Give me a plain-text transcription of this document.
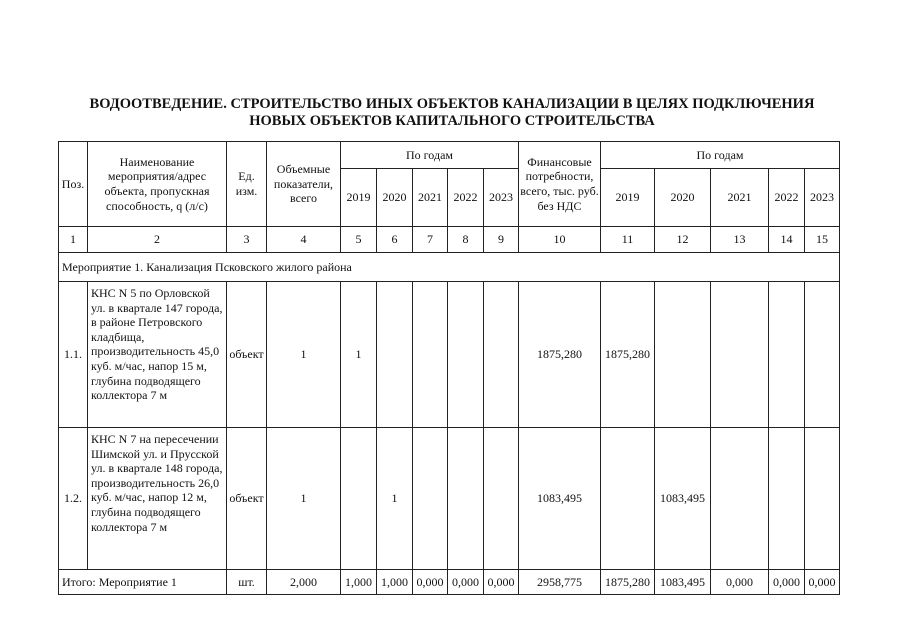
ВОДООТВЕДЕНИЕ. СТРОИТЕЛЬСТВО ИНЫХ ОБЪЕКТОВ КАНАЛИЗАЦИИ В ЦЕЛЯХ ПОДКЛЮЧЕНИЯ
НОВЫХ ОБЪЕКТОВ КАПИТАЛЬНОГО СТРОИТЕЛЬСТВА
Поз.	Наименование мероприятия/адрес объекта, пропускная способность, q (л/с)	Ед. изм.	Объемные показатели, всего	По годам					Финансовые потребности, всего, тыс. руб. без НДС	По годам				
				2019	2020	2021	2022	2023		2019	2020	2021	2022	2023
1	2	3	4	5	6	7	8	9	10	11	12	13	14	15
Мероприятие 1. Канализация Псковского жилого района														
1.1.	КНС N 5 по Орловской ул. в квартале 147 города, в районе Петровского кладбища, производительность 45,0 куб. м/час, напор 15 м, глубина подводящего коллектора 7 м	объект	1	1					1875,280	1875,280				
1.2.	КНС N 7 на пересечении Шимской ул. и Прусской ул. в квартале 148 города, производительность 26,0 куб. м/час, напор 12 м, глубина подводящего коллектора 7 м	объект	1		1				1083,495		1083,495			
Итого: Мероприятие 1		шт.	2,000	1,000	1,000	0,000	0,000	0,000	2958,775	1875,280	1083,495	0,000	0,000	0,000
